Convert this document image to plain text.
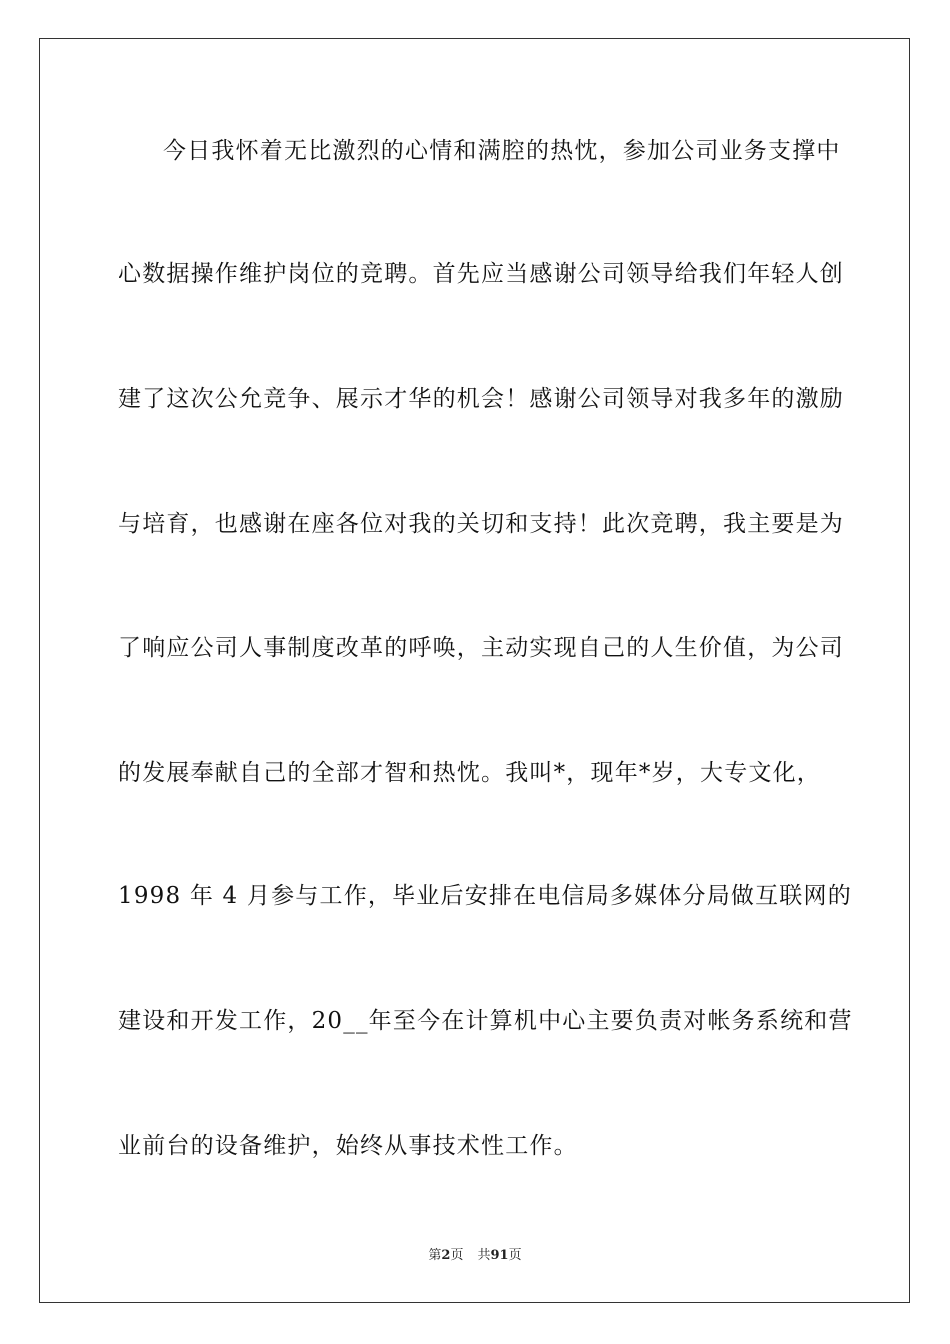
今日我怀着无比激烈的心情和满腔的热忱，参加公司业务支撑中
心数据操作维护岗位的竞聘。首先应当感谢公司领导给我们年轻人创
建了这次公允竞争、展示才华的机会！感谢公司领导对我多年的激励
与培育，也感谢在座各位对我的关切和支持！此次竞聘，我主要是为
了响应公司人事制度改革的呼唤，主动实现自己的人生价值，为公司
的发展奉献自己的全部才智和热忱。我叫*，现年*岁，大专文化，
1998 年 4 月参与工作，毕业后安排在电信局多媒体分局做互联网的
建设和开发工作，20__年至今在计算机中心主要负责对帐务系统和营
业前台的设备维护，始终从事技术性工作。
第2页 共91页
